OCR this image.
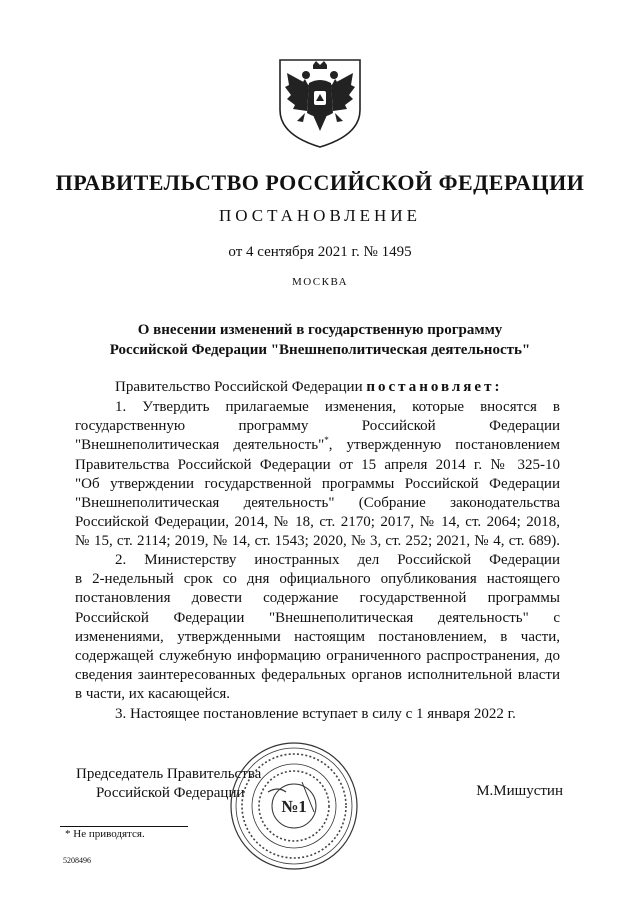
ПРАВИТЕЛЬСТВО РОССИЙСКОЙ ФЕДЕРАЦИИ
ПОСТАНОВЛЕНИЕ
от 4 сентября 2021 г. № 1495
МОСКВА
О внесении изменений в государственную программу
Российской Федерации "Внешнеполитическая деятельность"
Правительство Российской Федерации постановляет:
1. Утвердить прилагаемые изменения, которые вносятся в
государственную программу Российской Федерации
"Внешнеполитическая деятельность"*, утвержденную постановлением
Правительства Российской Федерации от 15 апреля 2014 г. № 325-10
"Об утверждении государственной программы Российской Федерации
"Внешнеполитическая деятельность" (Собрание законодательства
Российской Федерации, 2014, № 18, ст. 2170; 2017, № 14, ст. 2064; 2018,
№ 15, ст. 2114; 2019, № 14, ст. 1543; 2020, № 3, ст. 252; 2021, № 4, ст. 689).
2. Министерству иностранных дел Российской Федерации
в 2-недельный срок со дня официального опубликования настоящего
постановления довести содержание государственной программы
Российской Федерации "Внешнеполитическая деятельность" с
изменениями, утвержденными настоящим постановлением, в части,
содержащей служебную информацию ограниченного распространения, до
сведения заинтересованных федеральных органов исполнительной власти
в части, их касающейся.
3. Настоящее постановление вступает в силу с 1 января 2022 г.
Председатель Правительства
Российской Федерации	М.Мишустин
№1
* Не приводятся.
5208496
